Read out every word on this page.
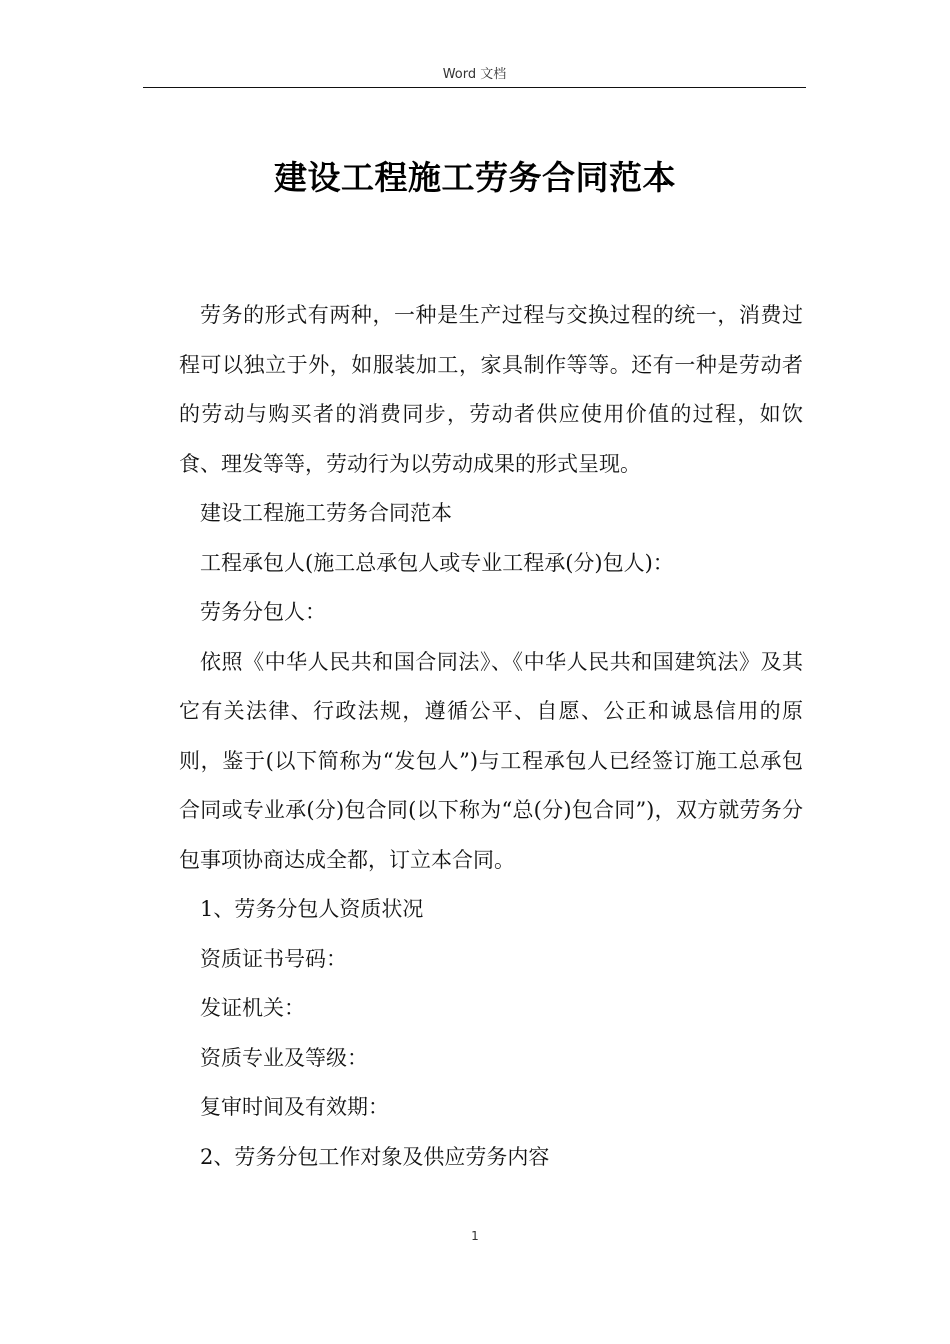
Word 文档
建设工程施工劳务合同范本

劳务的形式有两种，一种是生产过程与交换过程的统一，消费过程可以独立于外，如服装加工，家具制作等等。还有一种是劳动者的劳动与购买者的消费同步，劳动者供应使用价值的过程，如饮食、理发等等，劳动行为以劳动成果的形式呈现。

建设工程施工劳务合同范本

工程承包人(施工总承包人或专业工程承(分)包人)：

劳务分包人：

依照《中华人民共和国合同法》、《中华人民共和国建筑法》及其它有关法律、行政法规，遵循公平、自愿、公正和诚恳信用的原则，鉴于(以下简称为“发包人”)与工程承包人已经签订施工总承包合同或专业承(分)包合同(以下称为“总(分)包合同”)，双方就劳务分包事项协商达成全都，订立本合同。

1、劳务分包人资质状况

资质证书号码：

发证机关：

资质专业及等级：

复审时间及有效期：

2、劳务分包工作对象及供应劳务内容

1
